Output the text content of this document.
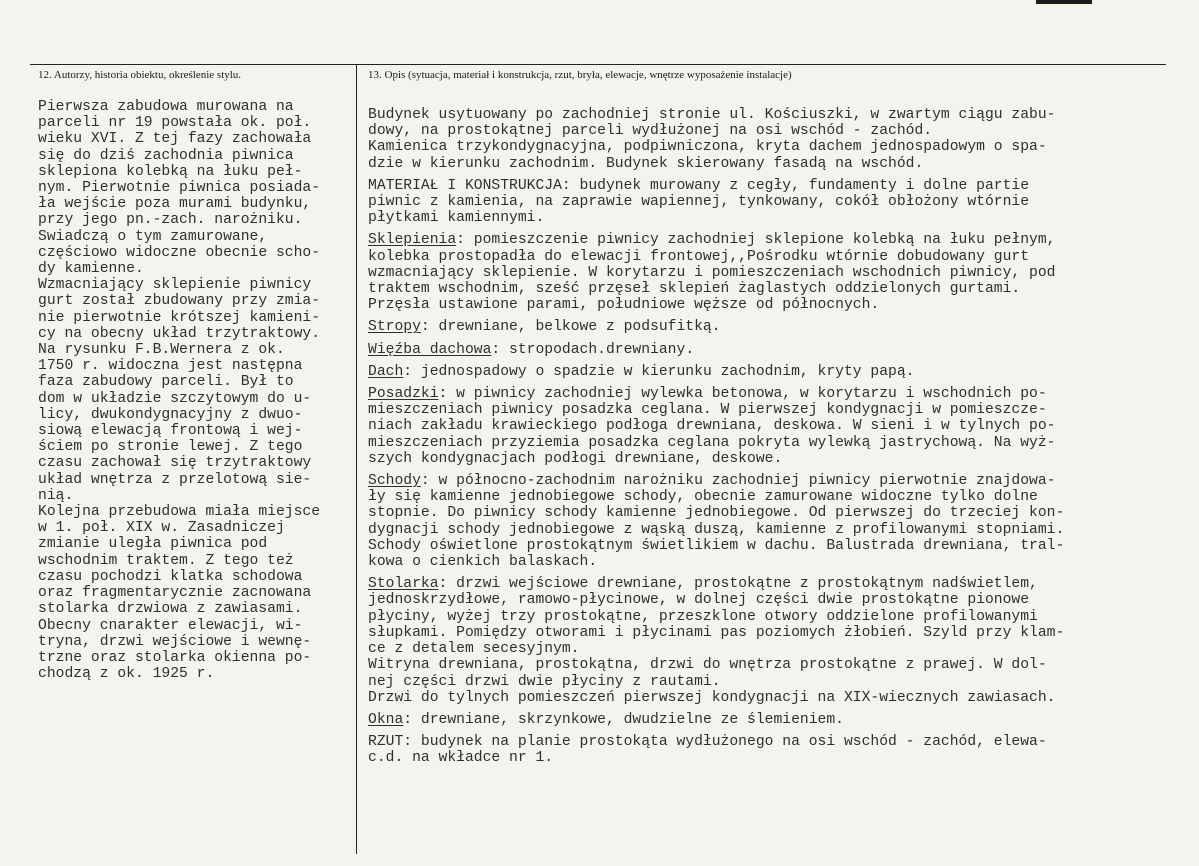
12. Autorzy, historia obiektu, określenie stylu.	13. Opis (sytuacja, materiał i konstrukcja, rzut, bryła, elewacje, wnętrze wyposażenie instalacje)
Pierwsza zabudowa murowana na
parceli nr 19 powstała ok. poł.
wieku XVI. Z tej fazy zachowała
się do dziś zachodnia piwnica
sklepiona kolebką na łuku peł-
nym. Pierwotnie piwnica posiada-
ła wejście poza murami budynku,
przy jego pn.-zach. narożniku.
Swiadczą o tym zamurowane,
częściowo widoczne obecnie scho-
dy kamienne.
Wzmacniający sklepienie piwnicy
gurt został zbudowany przy zmia-
nie pierwotnie krótszej kamieni-
cy na obecny układ trzytraktowy.
Na rysunku F.B.Wernera z ok.
1750 r. widoczna jest następna
faza zabudowy parceli. Był to
dom w układzie szczytowym do u-
licy, dwukondygnacyjny z dwuo-
siową elewacją frontową i wej-
ściem po stronie lewej. Z tego
czasu zachował się trzytraktowy
układ wnętrza z przelotową sie-
nią.
Kolejna przebudowa miała miejsce
w 1. poł. XIX w. Zasadniczej
zmianie uległa piwnica pod
wschodnim traktem. Z tego też
czasu pochodzi klatka schodowa
oraz fragmentarycznie zacnowana
stolarka drzwiowa z zawiasami.
Obecny cnarakter elewacji, wi-
tryna, drzwi wejściowe i wewnę-
trzne oraz stolarka okienna po-
chodzą z ok. 1925 r.
Budynek usytuowany po zachodniej stronie ul. Kościuszki, w zwartym ciągu zabu-
dowy, na prostokątnej parceli wydłużonej na osi wschód - zachód.
Kamienica trzykondygnacyjna, podpiwniczona, kryta dachem jednospadowym o spa-
dzie w kierunku zachodnim. Budynek skierowany fasadą na wschód.
MATERIAŁ I KONSTRUKCJA: budynek murowany z cegły, fundamenty i dolne partie
piwnic z kamienia, na zaprawie wapiennej, tynkowany, cokół obłożony wtórnie
płytkami kamiennymi.
Sklepienia: pomieszczenie piwnicy zachodniej sklepione kolebką na łuku pełnym,
kolebka prostopadła do elewacji frontowej,,Pośrodku wtórnie dobudowany gurt
wzmacniający sklepienie. W korytarzu i pomieszczeniach wschodnich piwnicy, pod
traktem wschodnim, sześć przęseł sklepień żaglastych oddzielonych gurtami.
Przęsła ustawione parami, południowe węższe od północnych.
Stropy: drewniane, belkowe z podsufitką.
Więźba dachowa: stropodach.drewniany.
Dach: jednospadowy o spadzie w kierunku zachodnim, kryty papą.
Posadzki: w piwnicy zachodniej wylewka betonowa, w korytarzu i wschodnich po-
mieszczeniach piwnicy posadzka ceglana. W pierwszej kondygnacji w pomieszcze-
niach zakładu krawieckiego podłoga drewniana, deskowa. W sieni i w tylnych po-
mieszczeniach przyziemia posadzka ceglana pokryta wylewką jastrychową. Na wyż-
szych kondygnacjach podłogi drewniane, deskowe.
Schody: w północno-zachodnim narożniku zachodniej piwnicy pierwotnie znajdowa-
ły się kamienne jednobiegowe schody, obecnie zamurowane widoczne tylko dolne
stopnie. Do piwnicy schody kamienne jednobiegowe. Od pierwszej do trzeciej kon-
dygnacji schody jednobiegowe z wąską duszą, kamienne z profilowanymi stopniami.
Schody oświetlone prostokątnym świetlikiem w dachu. Balustrada drewniana, tral-
kowa o cienkich balaskach.
Stolarka: drzwi wejściowe drewniane, prostokątne z prostokątnym nadświetlem,
jednoskrzydłowe, ramowo-płycinowe, w dolnej części dwie prostokątne pionowe
płyciny, wyżej trzy prostokątne, przeszklone otwory oddzielone profilowanymi
słupkami. Pomiędzy otworami i płycinami pas poziomych żłobień. Szyld przy klam-
ce z detalem secesyjnym.
Witryna drewniana, prostokątna, drzwi do wnętrza prostokątne z prawej. W dol-
nej części drzwi dwie płyciny z rautami.
Drzwi do tylnych pomieszczeń pierwszej kondygnacji na XIX-wiecznych zawiasach.
Okna: drewniane, skrzynkowe, dwudzielne ze ślemieniem.
RZUT: budynek na planie prostokąta wydłużonego na osi wschód - zachód, elewa-
c.d. na wkładce nr 1.
